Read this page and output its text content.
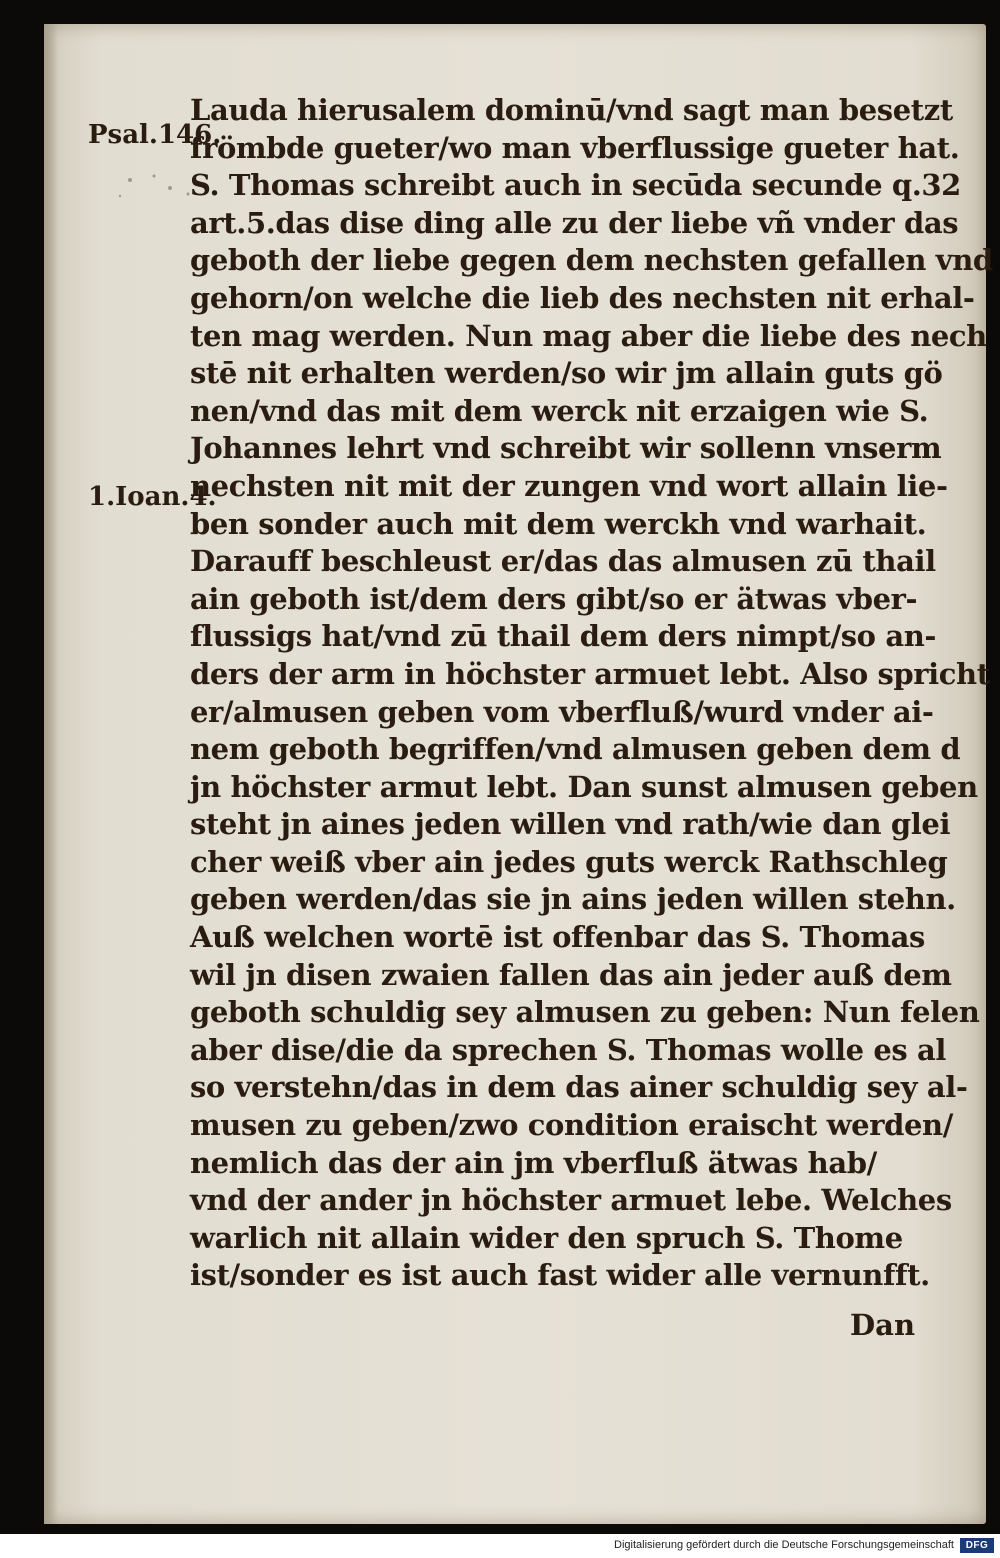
Psal.146.
1.Ioan.4.
Lauda hierusalem dominū/vnd sagt man besetzt
frömbde gueter/wo man vberflussige gueter hat.
S. Thomas schreibt auch in secūda secunde q.32
art.5.das dise ding alle zu der liebe vñ vnder das
geboth der liebe gegen dem nechsten gefallen vnd
gehorn/on welche die lieb des nechsten nit erhal-
ten mag werden. Nun mag aber die liebe des nech
stē nit erhalten werden/so wir jm allain guts gö
nen/vnd das mit dem werck nit erzaigen wie S.
Johannes lehrt vnd schreibt wir sollenn vnserm
nechsten nit mit der zungen vnd wort allain lie-
ben sonder auch mit dem werckh vnd warhait.
Darauff beschleust er/das das almusen zū thail
ain geboth ist/dem ders gibt/so er ätwas vber-
flussigs hat/vnd zū thail dem ders nimpt/so an-
ders der arm in höchster armuet lebt. Also spricht
er/almusen geben vom vberfluß/wurd vnder ai-
nem geboth begriffen/vnd almusen geben dem d
jn höchster armut lebt. Dan sunst almusen geben
steht jn aines jeden willen vnd rath/wie dan glei
cher weiß vber ain jedes guts werck Rathschleg
geben werden/das sie jn ains jeden willen stehn.
Auß welchen wortē ist offenbar das S. Thomas
wil jn disen zwaien fallen das ain jeder auß dem
geboth schuldig sey almusen zu geben: Nun felen
aber dise/die da sprechen S. Thomas wolle es al
so verstehn/das in dem das ainer schuldig sey al-
musen zu geben/zwo condition eraischt werden/
nemlich das der ain jm vberfluß ätwas hab/
vnd der ander jn höchster armuet lebe. Welches
warlich nit allain wider den spruch S. Thome
ist/sonder es ist auch fast wider alle vernunfft.
Dan
Digitalisierung gefördert durch die Deutsche Forschungsgemeinschaft	DFG
